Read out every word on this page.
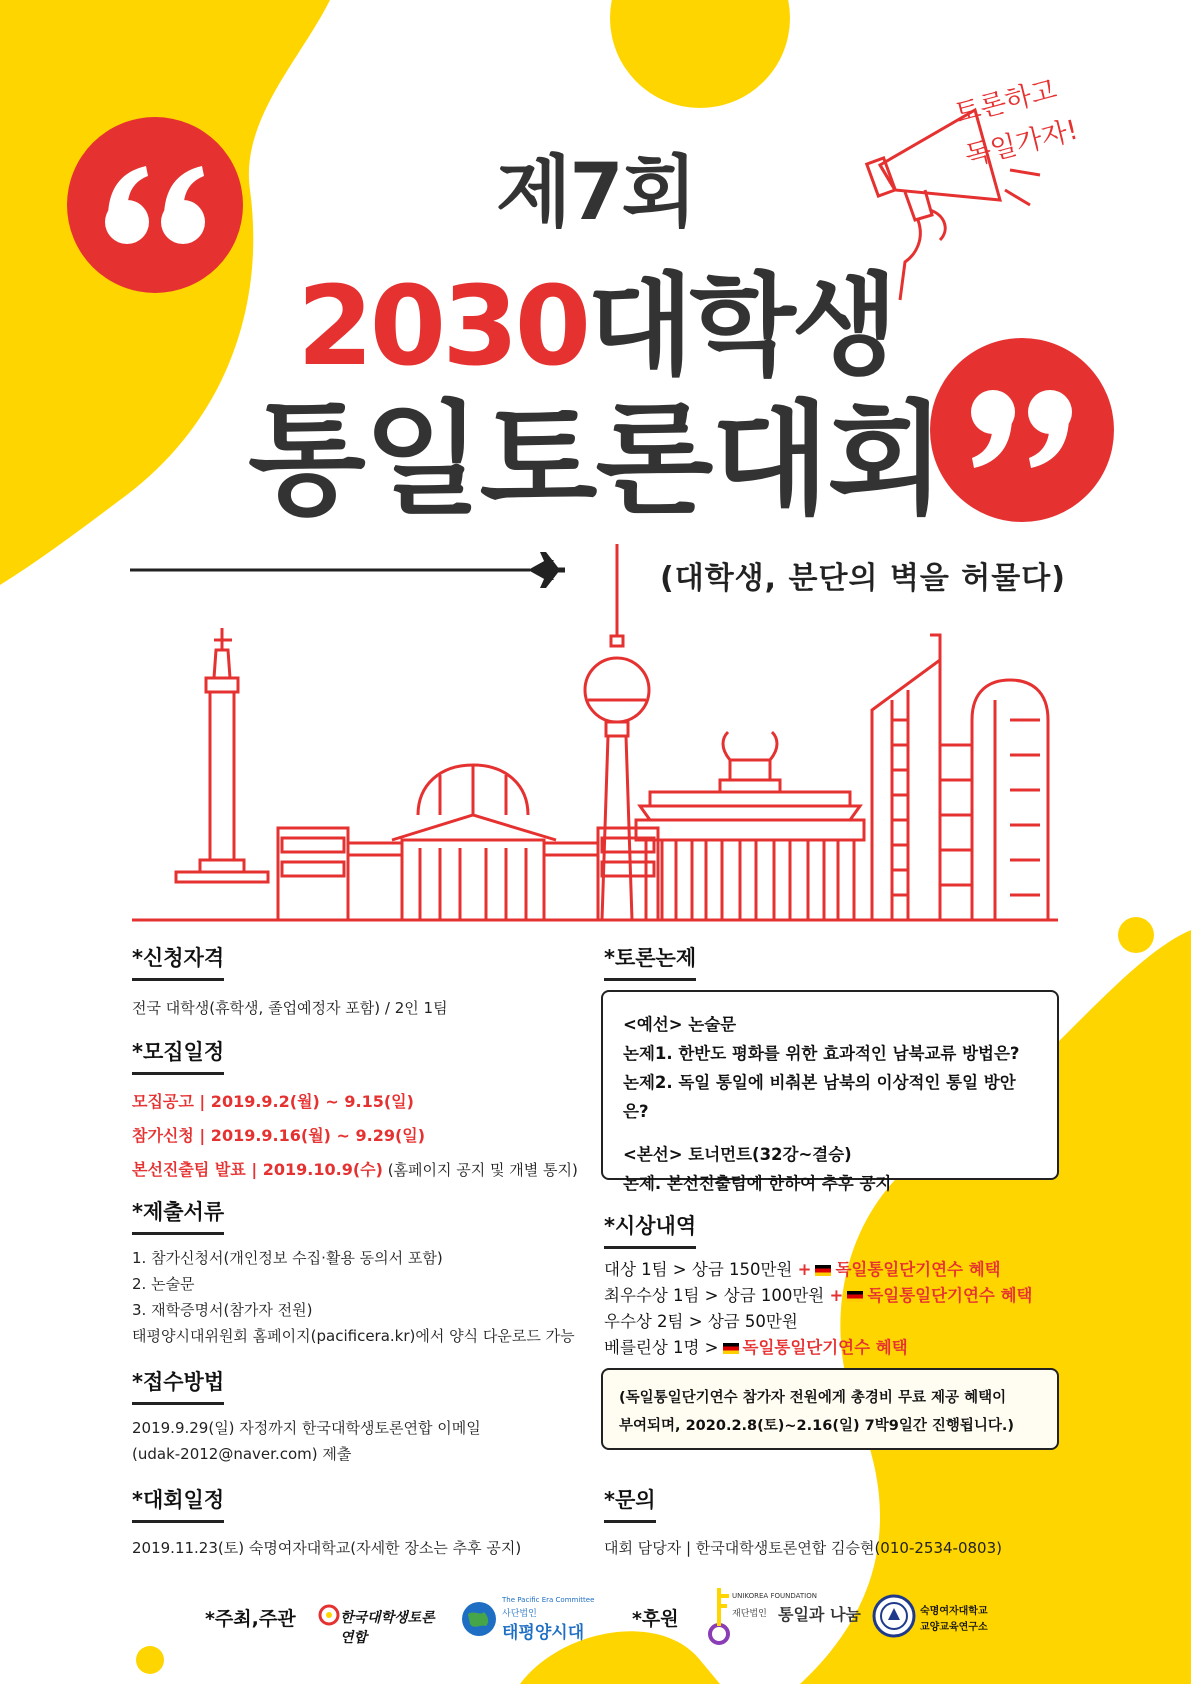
제7회
2030대학생
통일토론대회
토론하고
독일가자!
(대학생, 분단의 벽을 허물다)
*신청자격
전국 대학생(휴학생, 졸업예정자 포함) / 2인 1팀
*모집일정
모집공고 | 2019.9.2(월) ~ 9.15(일)
참가신청 | 2019.9.16(월) ~ 9.29(일)
본선진출팀 발표 | 2019.10.9(수) (홈페이지 공지 및 개별 통지)
*제출서류
1. 참가신청서(개인정보 수집·활용 동의서 포함)
2. 논술문
3. 재학증명서(참가자 전원)
태평양시대위원회 홈페이지(pacificera.kr)에서 양식 다운로드 가능
*접수방법
2019.9.29(일) 자정까지 한국대학생토론연합 이메일
(udak-2012@naver.com) 제출
*대회일정
2019.11.23(토) 숙명여자대학교(자세한 장소는 추후 공지)
*토론논제
<예선> 논술문
논제1. 한반도 평화를 위한 효과적인 남북교류 방법은?
논제2. 독일 통일에 비춰본 남북의 이상적인 통일 방안은?
<본선> 토너먼트(32강~결승)
논제. 본선진출팀에 한하여 추후 공지
*시상내역
대상 1팀 > 상금 150만원 + 독일통일단기연수 혜택
최우수상 1팀 > 상금 100만원 + 독일통일단기연수 혜택
우수상 2팀 > 상금 50만원
베를린상 1명 > 독일통일단기연수 혜택
(독일통일단기연수 참가자 전원에게 총경비 무료 제공 혜택이
부여되며, 2020.2.8(토)~2.16(일) 7박9일간 진행됩니다.)
*문의
대회 담당자 | 한국대학생토론연합 김승현(010-2534-0803)
*주최,주관	한국대학생토론연합
The Pacific Era Committee
사단법인
태평양시대
*후원
UNIKOREA FOUNDATION
재단법인 통일과 나눔	숙명여자대학교
교양교육연구소
